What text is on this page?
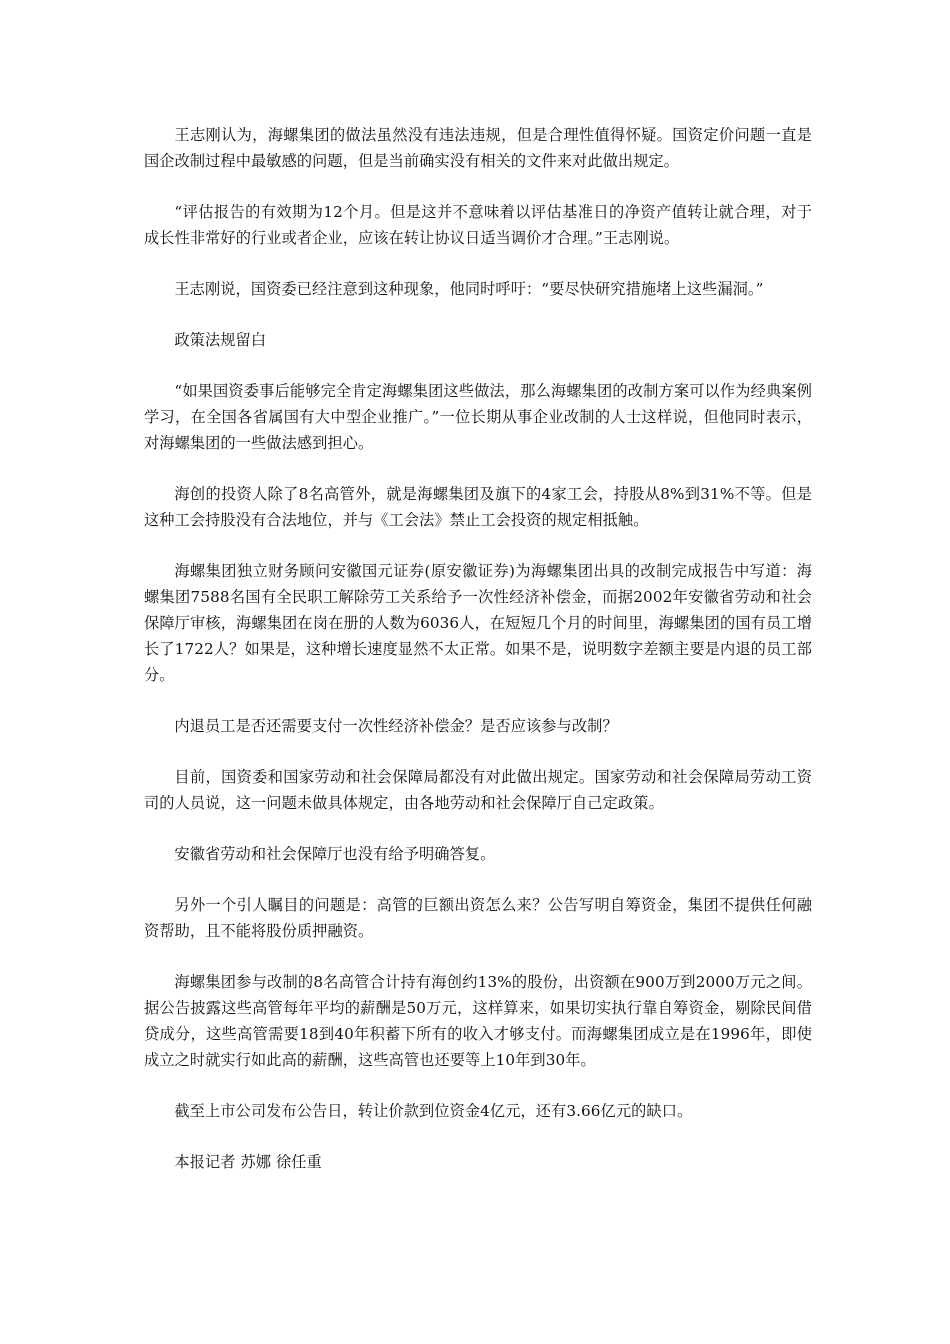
王志刚认为，海螺集团的做法虽然没有违法违规，但是合理性值得怀疑。国资定价问题一直是国企改制过程中最敏感的问题，但是当前确实没有相关的文件来对此做出规定。

“评估报告的有效期为12个月。但是这并不意味着以评估基准日的净资产值转让就合理，对于成长性非常好的行业或者企业，应该在转让协议日适当调价才合理。”王志刚说。

王志刚说，国资委已经注意到这种现象，他同时呼吁：“要尽快研究措施堵上这些漏洞。”

政策法规留白

“如果国资委事后能够完全肯定海螺集团这些做法，那么海螺集团的改制方案可以作为经典案例学习，在全国各省属国有大中型企业推广。”一位长期从事企业改制的人士这样说，但他同时表示，对海螺集团的一些做法感到担心。

海创的投资人除了8名高管外，就是海螺集团及旗下的4家工会，持股从8%到31%不等。但是这种工会持股没有合法地位，并与《工会法》禁止工会投资的规定相抵触。

海螺集团独立财务顾问安徽国元证券(原安徽证券)为海螺集团出具的改制完成报告中写道：海螺集团7588名国有全民职工解除劳工关系给予一次性经济补偿金，而据2002年安徽省劳动和社会保障厅审核，海螺集团在岗在册的人数为6036人，在短短几个月的时间里，海螺集团的国有员工增长了1722人？如果是，这种增长速度显然不太正常。如果不是，说明数字差额主要是内退的员工部分。

内退员工是否还需要支付一次性经济补偿金？是否应该参与改制？

目前，国资委和国家劳动和社会保障局都没有对此做出规定。国家劳动和社会保障局劳动工资司的人员说，这一问题未做具体规定，由各地劳动和社会保障厅自己定政策。

安徽省劳动和社会保障厅也没有给予明确答复。

另外一个引人瞩目的问题是：高管的巨额出资怎么来？公告写明自筹资金，集团不提供任何融资帮助，且不能将股份质押融资。

海螺集团参与改制的8名高管合计持有海创约13%的股份，出资额在900万到2000万元之间。据公告披露这些高管每年平均的薪酬是50万元，这样算来，如果切实执行靠自筹资金，剔除民间借贷成分，这些高管需要18到40年积蓄下所有的收入才够支付。而海螺集团成立是在1996年，即使成立之时就实行如此高的薪酬，这些高管也还要等上10年到30年。

截至上市公司发布公告日，转让价款到位资金4亿元，还有3.66亿元的缺口。

本报记者 苏娜 徐任重
